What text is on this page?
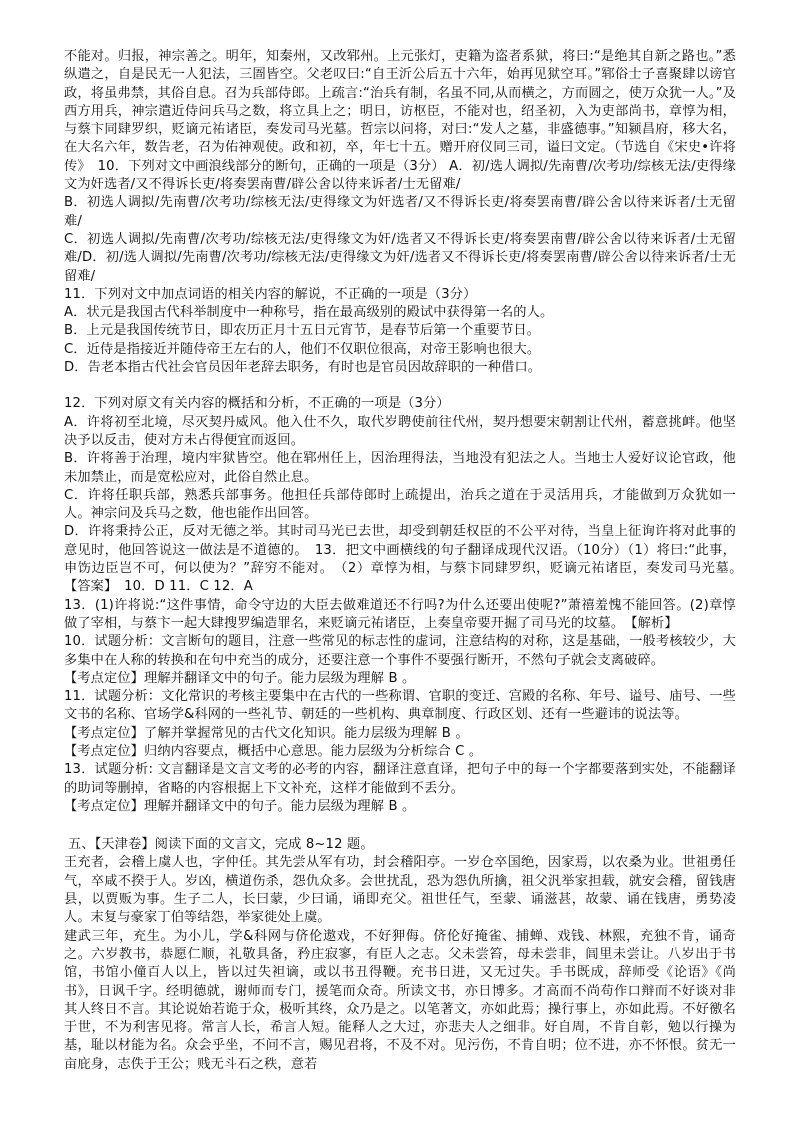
不能对。归报，神宗善之。明年，知秦州，又改郓州。上元张灯，吏籍为盗者系狱，将曰:“是绝其自新之路也。”悉纵遣之，自是民无一人犯法，三圄皆空。父老叹曰:“自王沂公后五十六年，始再见狱空耳。”郓俗士子喜聚肆以谤官政，将虽弗禁，其俗自息。召为兵部侍郎。上疏言:“治兵有制，名虽不同,从而横之，方而圆之，使万众犹一人。”及西方用兵，神宗遣近侍问兵马之数，将立具上之；明日，访枢臣，不能对也，绍圣初，入为吏部尚书，章惇为相，与蔡卞同肆罗织，贬谪元祐诸臣，奏发司马光墓。哲宗以问将，对曰:“发人之墓，非盛德事。”知颍昌府，移大名，在大名六年，数告老，召为佑神观使。政和初，卒，年七十五。赠开府仪同三司，谥曰文定。（节选自《宋史•许将传》　 10．下列对文中画浪线部分的断句，正确的一项是（3分） A．初/选人调拟/先南曹/次考功/综核无法/吏得缘文为奸选者/又不得诉长吏/将奏罢南曹/辟公舍以待来诉者/士无留难/

B．初选人调拟/先南曹/次考功/综核无法/吏得缘文为奸选者/又不得诉长吏/将奏罢南曹/辟公舍以待来诉者/士无留难/

C．初选人调拟/先南曹/次考功/综核无法/吏得缘文为奸/选者又不得诉长吏/将奏罢南曹/辟公舍以待来诉者/士无留难/D．初/选人调拟/先南曹/次考功/综核无法/吏得缘文为奸/选者又不得诉长吏/将奏罢南曹/辟公舍以待来诉者/士无留难/

11．下列对文中加点词语的相关内容的解说，不正确的一项是（3分）

A．状元是我国古代科举制度中一种称号，指在最高级别的殿试中获得第一名的人。

B．上元是我国传统节日，即农历正月十五日元宵节，是春节后第一个重要节日。

C．近侍是指接近并随侍帝王左右的人，他们不仅职位很高，对帝王影响也很大。

D．告老本指古代社会官员因年老辞去职务，有时也是官员因故辞职的一种借口。

12．下列对原文有关内容的概括和分析，不正确的一项是（3分）

A．许将初至北境，尽灭契丹威风。他入仕不久，取代岁聘使前往代州，契丹想要宋朝割让代州，蓄意挑衅。他坚决予以反击，使对方未占得便宜而返回。

B．许将善于治理，境内牢狱皆空。他在郓州任上，因治理得法，当地没有犯法之人。当地士人爱好议论官政，他未加禁止，而是宽松应对，此俗自然止息。

C．许将任职兵部，熟悉兵部事务。他担任兵部侍郎时上疏提出，治兵之道在于灵活用兵，才能做到万众犹如一人。神宗问及兵马之数，他也能作出回答。

D．许将秉持公正，反对无德之举。其时司马光已去世，却受到朝廷权臣的不公平对待，当皇上征询许将对此事的意见时，他回答说这一做法是不道德的。　 13．把文中画横线的句子翻译成现代汉语。（10分）（1）将曰:“此事，申饬边臣岂不可，何以使为？”辞穷不能对。　（2）章惇为相，与蔡卞同肆罗织，贬谪元祐诸臣，奏发司马光墓。　【答案】　 10．D 11．C 12．A

13．(1)许将说:“这件事情，命令守边的大臣去做难道还不行吗?为什么还要出使呢?”萧禧羞愧不能回答。(2)章惇做了宰相，与蔡卞一起大肆搜罗编造罪名，来贬谪元祐诸臣，上奏皇帝要开掘了司马光的坟墓。　 【解析】

10．试题分析：文言断句的题目，注意一些常见的标志性的虚词，注意结构的对称，这是基础，一般考核较少，大多集中在人称的转换和在句中充当的成分，还要注意一个事件不要强行断开，不然句子就会支离破碎。

【考点定位】理解并翻译文中的句子。能力层级为理解 B 。

11．试题分析：文化常识的考核主要集中在古代的一些称谓、官职的变迁、宫殿的名称、年号、谥号、庙号、一些文书的名称、官场学&科网的一些礼节、朝廷的一些机构、典章制度、行政区划、还有一些避讳的说法等。

【考点定位】了解并掌握常见的古代文化知识。能力层级为理解 B 。

【考点定位】归纳内容要点，概括中心意思。能力层级为分析综合 C 。

13．试题分析: 文言翻译是文言文考的必考的内容，翻译注意直译，把句子中的每一个字都要落到实处，不能翻译的助词等删掉，省略的内容根据上下文补充，这样才能做到不丢分。

【考点定位】理解并翻译文中的句子。能力层级为理解 B 。

五、【天津卷】阅读下面的文言文，完成 8~12 题。

王充者，会稽上虞人也，字仲任。其先尝从军有功，封会稽阳亭。一岁仓卒国绝，因家焉，以农桑为业。世祖勇任气，卒咸不揆于人。岁凶，横道伤杀，怨仇众多。会世扰乱，恐为怨仇所擒，祖父汎举家担载，就安会稽，留钱唐县，以贾贩为事。生子二人，长曰蒙，少曰诵，诵即充父。祖世任气，至蒙、诵滋甚，故蒙、诵在钱唐，勇势凌人。末复与豪家丁伯等结怨，举家徙处上虞。

建武三年，充生。为小儿，学&科网与侪伦遨戏，不好狎侮。侪伦好掩雀、捕蝉、戏钱、林熙，充独不肯，诵奇之。六岁教书，恭愿仁顺，礼敬具备，矜庄寂寥，有臣人之志。父未尝笞，母未尝非，闾里未尝让。八岁出于书馆，书馆小僮百人以上，皆以过失袒谪，或以书丑得鞭。充书日进，又无过失。手书既成，辞师受《论语》《尚书》，日讽千字。经明德就，谢师而专门，援笔而众奇。所读文书，亦日博多。才高而不尚苟作口辩而不好谈对非其人终日不言。其论说始若诡于众，极听其终，众乃是之。以笔著文，亦如此焉；操行事上，亦如此焉。不好徼名于世，不为利害见将。常言人长，希言人短。能释人之大过，亦悲夫人之细非。好自周，不肯自彰，勉以行操为基，耻以材能为名。众会乎坐，不问不言，赐见君将，不及不对。见污伤，不肯自明；位不进，亦不怀恨。贫无一亩庇身，志佚于王公；贱无斗石之秩，意若
